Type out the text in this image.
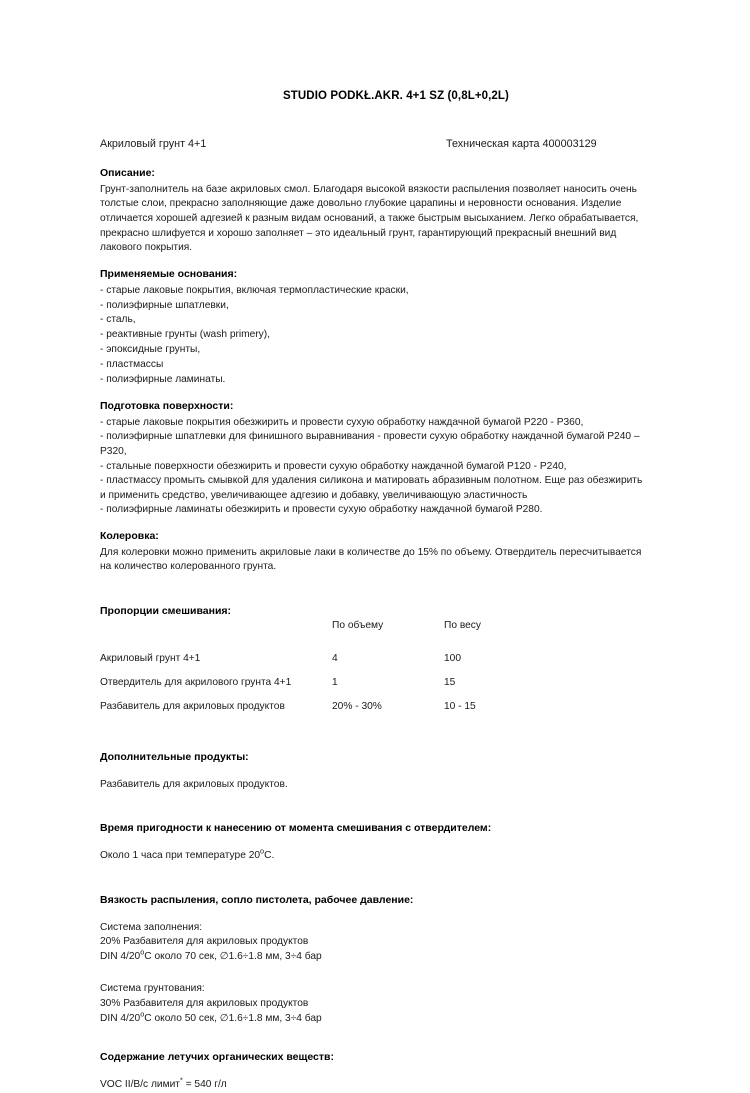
STUDIO PODKŁ.AKR. 4+1 SZ (0,8L+0,2L)
Акриловый грунт 4+1	Техническая карта 400003129
Описание:
Грунт-заполнитель на базе акриловых смол. Благодаря высокой вязкости распыления позволяет наносить очень
толстые слои, прекрасно заполняющие даже довольно глубокие царапины и неровности основания. Изделие
отличается хорошей адгезией к разным видам оснований, а также быстрым высыханием. Легко обрабатывается,
прекрасно шлифуется и хорошо заполняет – это идеальный грунт, гарантирующий прекрасный внешний вид
лакового покрытия.
Применяемые основания:
- старые лаковые покрытия, включая термопластические краски,
- полиэфирные шпатлевки,
- сталь,
- реактивные грунты (wash primery),
- эпоксидные грунты,
- пластмассы
- полиэфирные ламинаты.
Подготовка поверхности:
- старые лаковые покрытия обезжирить и провести сухую обработку наждачной бумагой Р220 - Р360,
- полиэфирные шпатлевки для финишного выравнивания - провести сухую обработку наждачной бумагой Р240 –
Р320,
- стальные поверхности обезжирить и провести сухую обработку наждачной бумагой Р120 - Р240,
- пластмассу промыть смывкой для удаления силикона и матировать абразивным полотном. Еще раз обезжирить
и применить средство, увеличивающее адгезию и добавку, увеличивающую эластичность
- полиэфирные ламинаты обезжирить и провести сухую обработку наждачной бумагой Р280.
Колеровка:
Для колеровки можно применить акриловые лаки в количестве до 15% по объему. Отвердитель пересчитывается
на количество колерованного грунта.
Пропорции смешивания:
	По объему	По весу
Акриловый грунт 4+1	4	100
Отвердитель для акрилового грунта 4+1	1	15
Разбавитель для акриловых продуктов	20% - 30%	10 - 15
Дополнительные продукты:
Разбавитель для акриловых продуктов.
Время пригодности к нанесению от момента смешивания с отвердителем:
Около 1 часа при температуре 20$^o$С.
Вязкость распыления, сопло пистолета, рабочее давление:
Система заполнения:
20% Разбавителя для акриловых продуктов
DIN 4/20$^o$С около 70 сек, ∅1.6÷1.8 мм, 3÷4 бар
Система грунтования:
30% Разбавителя для акриловых продуктов
DIN 4/20$^o$С около 50 сек, ∅1.6÷1.8 мм, 3÷4 бар
Содержание летучих органических веществ:
VOC II/B/c лимит* = 540 г/л
